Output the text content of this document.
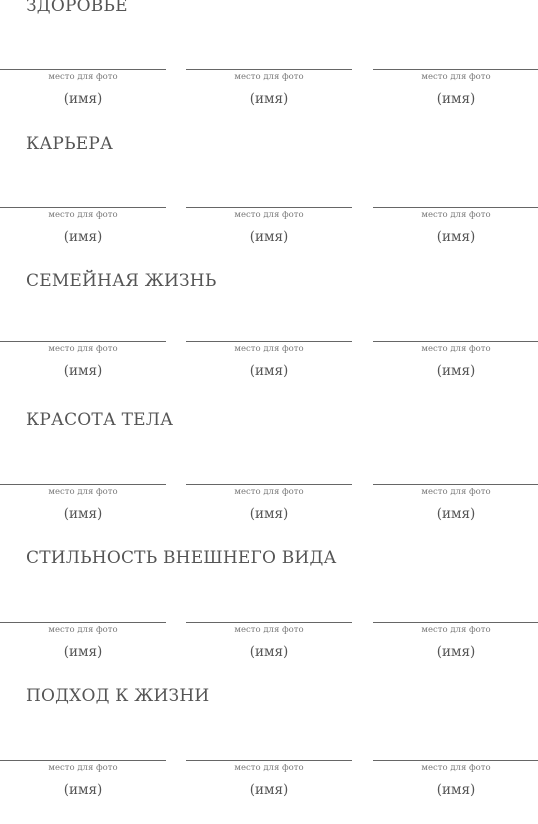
ЗДОРОВЬЕ
место для фото
(имя)
место для фото
(имя)
место для фото
(имя)
КАРЬЕРА
место для фото
(имя)
место для фото
(имя)
место для фото
(имя)
СЕМЕЙНАЯ ЖИЗНЬ
место для фото
(имя)
место для фото
(имя)
место для фото
(имя)
КРАСОТА ТЕЛА
место для фото
(имя)
место для фото
(имя)
место для фото
(имя)
СТИЛЬНОСТЬ ВНЕШНЕГО ВИДА
место для фото
(имя)
место для фото
(имя)
место для фото
(имя)
ПОДХОД К ЖИЗНИ
место для фото
(имя)
место для фото
(имя)
место для фото
(имя)
